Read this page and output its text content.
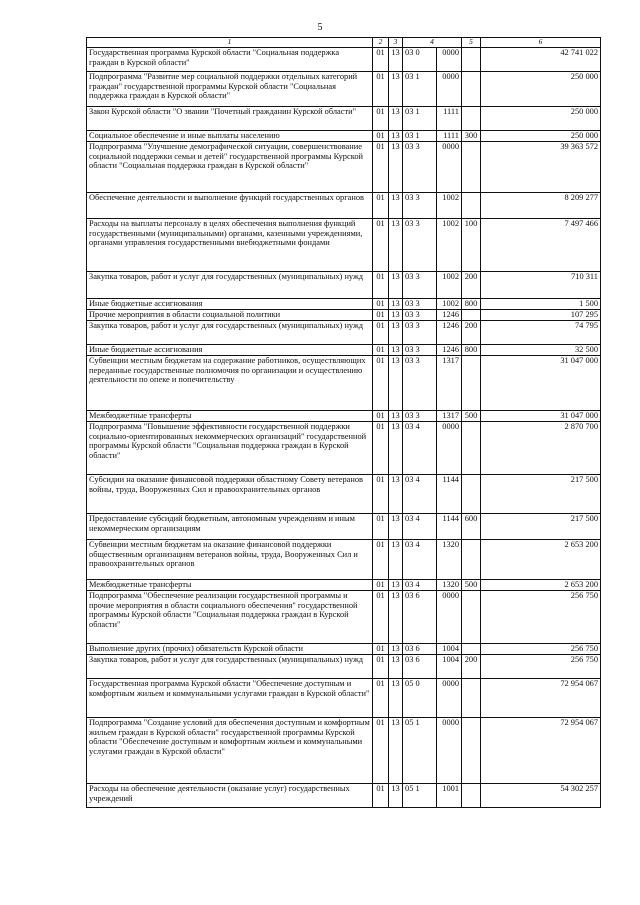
5
1	2	3	4		5	6
Государственная программа Курской области "Социальная поддержка граждан в Курской области"	01	13	03 0	0000		42 741 022
Подпрограмма "Развитие мер социальной поддержки отдельных категорий граждан" государственной программы Курской области "Социальная поддержка граждан в Курской области"	01	13	03 1	0000		250 000
Закон Курской области "О звании "Почетный гражданин Курской области"	01	13	03 1	1111		250 000
Социальное обеспечение и иные выплаты населению	01	13	03 1	1111	300	250 000
Подпрограмма "Улучшение демографической ситуации, совершенствование социальной поддержки семьи и детей" государственной программы Курской области "Социальная поддержка граждан в Курской области"	01	13	03 3	0000		39 363 572
Обеспечение деятельности и выполнение функций государственных органов	01	13	03 3	1002		8 209 277
Расходы на выплаты персоналу в целях обеспечения выполнения функций государственными (муниципальными) органами, казенными учреждениями, органами управления государственными внебюджетными фондами	01	13	03 3	1002	100	7 497 466
Закупка товаров, работ и услуг для государственных (муниципальных) нужд	01	13	03 3	1002	200	710 311
Иные бюджетные ассигнования	01	13	03 3	1002	800	1 500
Прочие мероприятия в области социальной политики	01	13	03 3	1246		107 295
Закупка товаров, работ и услуг для государственных (муниципальных) нужд	01	13	03 3	1246	200	74 795
Иные бюджетные ассигнования	01	13	03 3	1246	800	32 500
Субвенции местным бюджетам на содержание работников, осуществляющих переданные государственные полномочия по организации и осуществлению деятельности по опеке и попечительству	01	13	03 3	1317		31 047 000
Межбюджетные трансферты	01	13	03 3	1317	500	31 047 000
Подпрограмма "Повышение эффективности государственной поддержки социально-ориентированных некоммерческих организаций" государственной программы Курской области "Социальная поддержка граждан в Курской области"	01	13	03 4	0000		2 870 700
Субсидии на оказание финансовой поддержки областному Совету ветеранов войны, труда, Вооруженных Сил и правоохранительных органов	01	13	03 4	1144		217 500
Предоставление субсидий бюджетным, автономным учреждениям и иным некоммерческим организациям	01	13	03 4	1144	600	217 500
Субвенции местным бюджетам на оказание финансовой поддержки общественным организациям ветеранов войны, труда, Вооруженных Сил и правоохранительных органов	01	13	03 4	1320		2 653 200
Межбюджетные трансферты	01	13	03 4	1320	500	2 653 200
Подпрограмма "Обеспечение реализации государственной программы и прочие мероприятия в области социального обеспечения" государственной программы Курской области "Социальная поддержка граждан в Курской области"	01	13	03 6	0000		256 750
Выполнение других (прочих) обязательств Курской области	01	13	03 6	1004		256 750
Закупка товаров, работ и услуг для государственных (муниципальных) нужд	01	13	03 6	1004	200	256 750
Государственная программа Курской области "Обеспечение доступным и комфортным жильем и коммунальными услугами граждан в Курской области"	01	13	05 0	0000		72 954 067
Подпрограмма "Создание условий для обеспечения доступным и комфортным жильем граждан в Курской области" государственной программы Курской области "Обеспечение доступным и комфортным жильем и коммунальными услугами граждан в Курской области"	01	13	05 1	0000		72 954 067
Расходы на обеспечение деятельности (оказание услуг) государственных учреждений	01	13	05 1	1001		54 302 257
